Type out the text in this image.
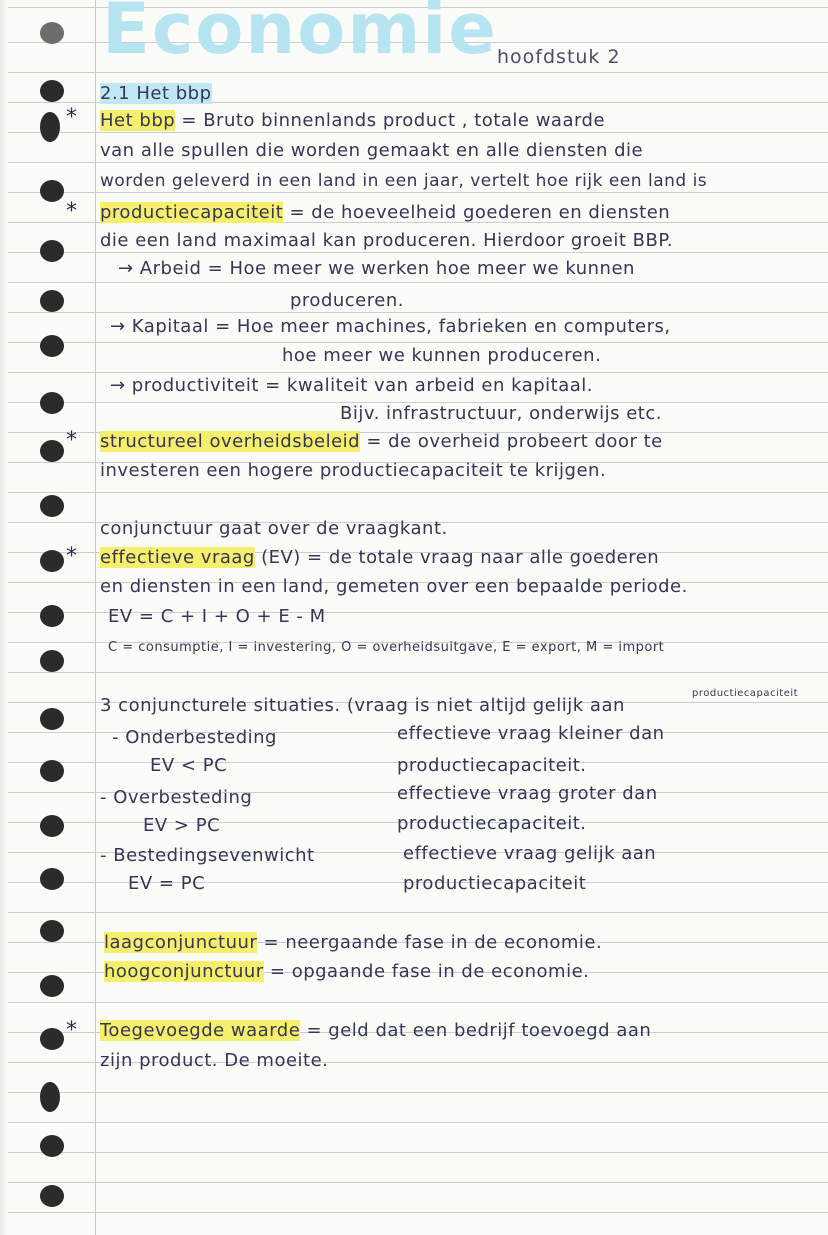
Economie hoofdstuk 2
2.1 Het bbp
* Het bbp = Bruto binnenlands product , totale waarde
van alle spullen die worden gemaakt en alle diensten die
worden geleverd in een land in een jaar, vertelt hoe rijk een land is
* productiecapaciteit = de hoeveelheid goederen en diensten
die een land maximaal kan produceren. Hierdoor groeit BBP.
→ Arbeid = Hoe meer we werken hoe meer we kunnen
produceren.
→ Kapitaal = Hoe meer machines, fabrieken en computers,
hoe meer we kunnen produceren.
→ productiviteit = kwaliteit van arbeid en kapitaal.
Bijv. infrastructuur, onderwijs etc.
* structureel overheidsbeleid = de overheid probeert door te
investeren een hogere productiecapaciteit te krijgen.
conjunctuur gaat over de vraagkant.
* effectieve vraag (EV) = de totale vraag naar alle goederen
en diensten in een land, gemeten over een bepaalde periode.
EV = C + I + O + E - M
C = consumptie, I = investering, O = overheidsuitgave, E = export, M = import
productiecapaciteit
3 conjuncturele situaties. (vraag is niet altijd gelijk aan
- Onderbesteding	effectieve vraag kleiner dan
EV < PC	productiecapaciteit.
- Overbesteding	effectieve vraag groter dan
EV > PC	productiecapaciteit.
- Bestedingsevenwicht	effectieve vraag gelijk aan
EV = PC	productiecapaciteit
laagconjunctuur = neergaande fase in de economie.
hoogconjunctuur = opgaande fase in de economie.
* Toegevoegde waarde = geld dat een bedrijf toevoegd aan
zijn product. De moeite.
